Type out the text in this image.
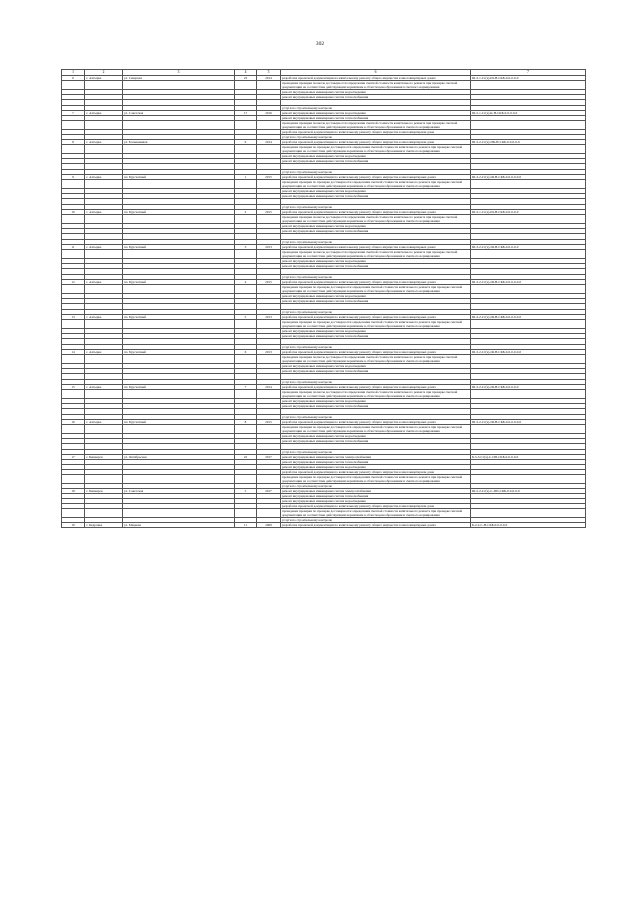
302
1	2	3	4	5	6	7
6	с. Ахтырка	ул. Северная	23	2014	разработка проектной документации на капитальному ремонту общего имущества в многоквартирных домах	Ш-3-1-Сг(ч)-Ш-Н-СКБ-0-0-0-0-0
					проведение проверки полноты достоверности определения сметной стоимости капитального ремонта при проверке сметной документации на соответствие действующим нормативам в области ценообразования в сметного нормирования	
					ремонт внутридомовых инженерных систем водоотведения	
					ремонт внутридомовых инженерных систем теплоснабжения	

					услуги по строительному контролю	
7	с. Ахтырка	ул. Советская	17	2016	ремонт внутридомовых инженерных систем водоотведения	Ш-5-1-Сг(ч)-К-Н-СКБ-0-0-0-0-0
					ремонт внутридомовых инженерных систем теплоснабжения	
					проведение проверки полноты достоверности определения сметной стоимости капитального ремонта при проверке сметной документации на соответствие действующим нормативам в области ценообразования и сметного нормирования	
					разработка проектной документации по капитальному ремонту общего имущества в многоквартирном доме	
					услуги по строительному контролю	
8	с. Ахтырка	ул. Большевиков	9	2014	разработка проектной документации по капитальному ремонту общего имущества в многоквартирном доме	Ш-3-2-Ст(ч)-ПК-Н-СКБ-0-0-0-0-0
					проведение проверки по проверке достоверности определения сметной стоимости капитального ремонта при проверке сметной документации на соответствие действующим нормативам в области ценообразования и сметного нормирования	
					ремонт внутридомовых инженерных систем водоотведения	
					ремонт внутридомовых инженерных систем теплоснабжения	

					услуги по строительному контролю	
9	с. Ахтырка	пл. Брусчатный	1	2015	разработка проектной документации по капитальному ремонту общего имущества в многоквартирных домах	Ш-3-2-Ст(ч)-Ш-Н-СКБ-0-0-0-0-0-0
					проведение проверки по проверке достоверности определения сметной стоимости капитального ремонта при проверке сметной документации на соответствие действующим нормативам в области ценообразования и сметного нормирования	
					ремонт внутридомовых инженерных систем водоотведения	
					ремонт внутридомовых инженерных систем теплоснабжения	

					услуги по строительному контролю	
10	с. Ахтырка	пл. Брусчатный	2	2015	разработка проектной документации по капитальному ремонту общего имущества в многоквартирных домах	Ш-3-1-Сг(ч)-Ш-Н-СКБ-0-0-0-0-0
					проведение проверки полноты достоверности определения сметной стоимости капитального ремонта при проверке сметной документации на соответствие действующим нормативам в области ценообразования и сметного нормирования	
					ремонт внутридомовых инженерных систем водоотведения	
					ремонт внутридомовых инженерных систем теплоснабжения	

					услуги по строительному контролю	
11	с. Ахтырка	пл. Брусчатный	3	2013	разработка проектной документации на капитальному ремонту общего имущества в многоквартирных домах	Ш-3-2-Ст(ч)-Ш-Н-СКБ-0-0-0-0-0
					проведение проверки полноты достоверности определения сметной стоимости капитального ремонта при проверке сметной документации на соответствие действующим нормативам в области ценообразования и сметного нормирования	
					ремонт внутридомовых инженерных систем водоотведения	
					ремонт внутридомовых инженерных систем теплоснабжения	

					услуги по строительному контролю	
12	с. Ахтырка	пл. Брусчатный	4	2015	разработка проектной документации по капитальному ремонту общего имущества в многоквартирных домах	Ш-3-2-Ст(ч)-Ш-Н-СКБ-0-0-0-0-0-0
					проведение проверки по проверке достоверности определения сметной стоимости капитального ремонта при проверке сметной документации на соответствие действующим нормативам в области ценообразования и сметного нормирования	
					ремонт внутридомовых инженерных систем водоотведения	
					ремонт внутридомовых инженерных систем теплоснабжения	

					услуги по строительному контролю	
13	с. Ахтырка	пл. Брусчатный	5	2013	разработка проектной документации по капитальному ремонту общего имущества в многоквартирных домах	Ш-3-2-Ст(ч)-Ш-Н-СКБ-0-0-0-0-0-0
					проведение проверки по проверке достоверности определения сметной стоимости капитального ремонта при проверке сметной документации на соответствие действующим нормативам в области ценообразования и сметного нормирования	
					ремонт внутридомовых инженерных систем водоотведения	
					ремонт внутридомовых инженерных систем теплоснабжения	

					услуги по строительному контролю	
14	с. Ахтырка	пл. Брусчатный	6	2013	разработка проектной документации по капитальному ремонту общего имущества в многоквартирных домах	Ш-3-2-Ст(ч)-Ш-Н-СКБ-0-0-0-0-0-0
					проведение проверки полноты достоверности определения сметной стоимости капитального ремонта при проверке сметной документации на соответствие действующим нормативам в области ценообразования и сметного нормирования	
					ремонт внутридомовых инженерных систем водоотведения	
					ремонт внутридомовых инженерных систем теплоснабжения	

					услуги по строительному контролю	
15	с. Ахтырка	пл. Брусчатный	7	2014	разработка проектной документации по капитальному ремонту общего имущества в многоквартирных домах	Ш-3-2-Ст(ч)-Ш-Н-СКБ-0-0-0-0-0
					проведение проверки полноты достоверности определения сметной стоимости капитального ремонта при проверке сметной документации на соответствие действующим нормативам в области ценообразования и сметного нормирования	
					ремонт внутридомовых инженерных систем водоотведения	
					ремонт внутридомовых инженерных систем теплоснабжения	

					услуги по строительному контролю	
16	с. Ахтырка	пл. Брусчатный	8	2015	разработка проектной документации по капитальному ремонту общего имущества в многоквартирных домах	Ш-3-2-Ст(ч)-Ш-Н-СКБ-0-0-0-0-0-0
					проведение проверки по проверке достоверности определения сметной стоимости капитального ремонта при проверке сметной документации на соответствие действующим нормативам в области ценообразования и сметного нормирования	
					ремонт внутридомовых инженерных систем водоотведения	
					ремонт внутридомовых инженерных систем теплоснабжения	

					услуги по строительному контролю	
17	с. Бешкарск	ул. Октябрьская	22	2017	ремонт внутридомовых инженерных систем электроснабжения	Б-5-3-Ст(ч)-С-ПП-СКБ-0-0-0-0-0
					ремонт внутридомовых инженерных систем теплоснабжения	
					ремонт внутридомовых инженерных систем водоотведения	
					разработка проектной документации по капитальному ремонту общего имущества в многоквартирном доме	
					проведение проверки по проверке достоверности определения сметной стоимости капитального ремонта при проверке сметной документации на соответствие действующим нормативам в области ценообразования и сметного нормирования	
					услуги по строительному контролю	
18	с. Бешкарск	ул. Советская	5	2017	ремонт внутридомовых инженерных систем электроснабжения	Ш-2-2-Ст(ч)-С-ПП-СКБ-0-0-0-0-0
					ремонт внутридомовых инженерных систем теплоснабжения	
					ремонт внутридомовых инженерных систем водоотведения	
					разработка проектной документации по капитальному ремонту общего имущества в многоквартирном доме	
					проведение проверки по проверке достоверности определения сметной стоимости капитального ремонта при проверке сметной документации на соответствие действующим нормативам в области ценообразования и сметного нормирования	
					услуги по строительному контролю	
19	с. Кедровка	ул. Мацкова	11	2009	разработка проектной документации по капитальному ремонту общего имущества в многоквартирных домах	Б-2-2-С-Н-СКБ-0-0-0-0-0
